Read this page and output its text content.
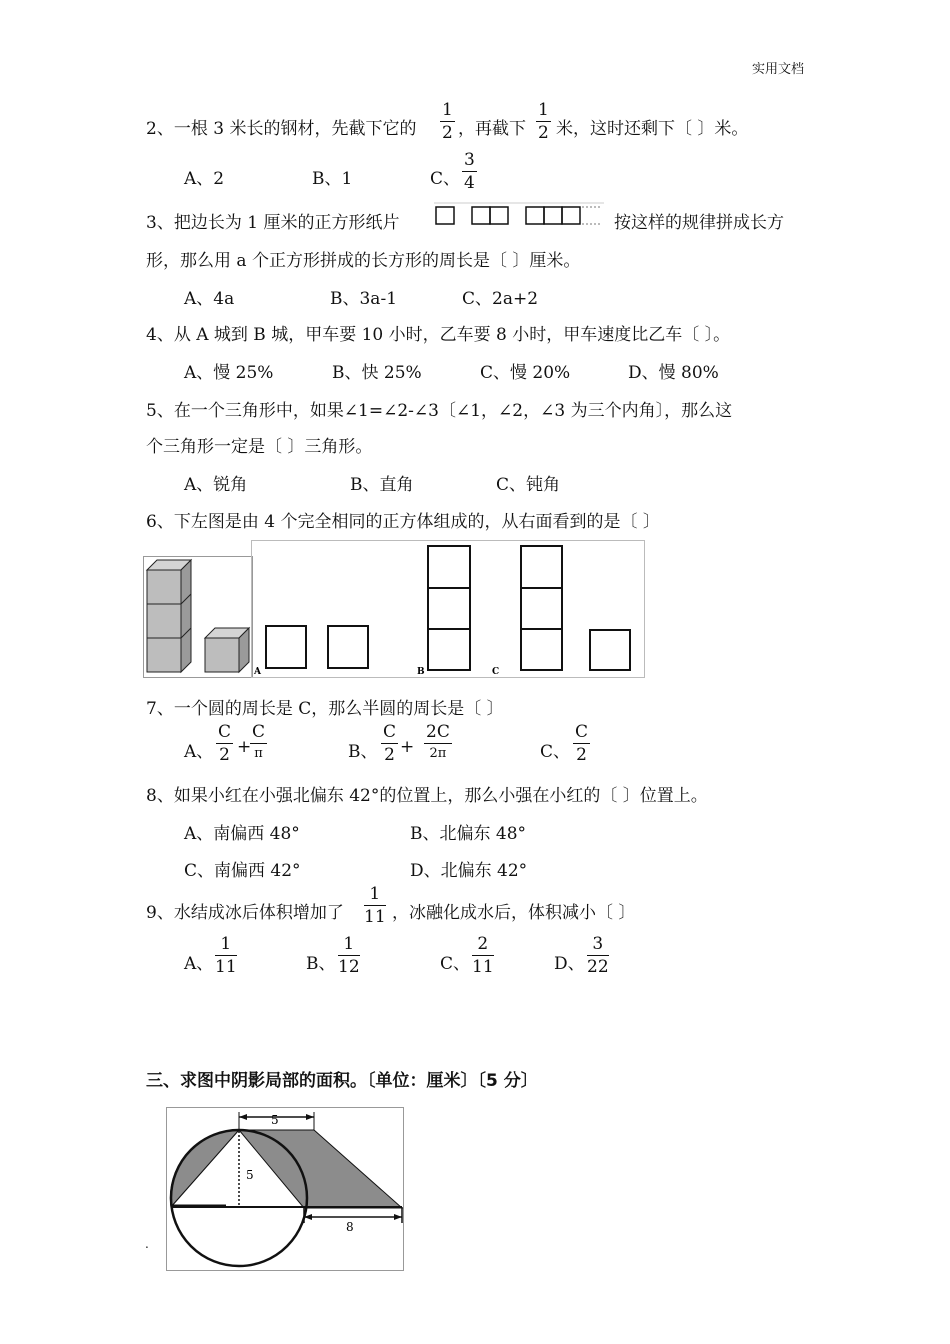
实用文档
2、一根 3 米长的钢材，先截下它的 $\frac{1}{2}$ ，再截下 $\frac{1}{2}$ 米，这时还剩下〔 〕米。
A、2	B、1	C、 $\frac{3}{4}$
3、把边长为 1 厘米的正方形纸片	按这样的规律拼成长方
形，那么用 a 个正方形拼成的长方形的周长是〔 〕厘米。
A、4a	B、3a-1	C、2a+2
4、从 A 城到 B 城，甲车要 10 小时，乙车要 8 小时，甲车速度比乙车〔 〕。
A、慢 25%	B、快 25%	C、慢 20%	D、慢 80%
5、在一个三角形中，如果∠1=∠2-∠3〔∠1，∠2，∠3 为三个内角〕，那么这
个三角形一定是〔 〕三角形。
A、锐角	B、直角	C、钝角
6、下左图是由 4 个完全相同的正方体组成的，从右面看到的是〔 〕
A	B	C
7、一个圆的周长是 C，那么半圆的周长是〔 〕
A、 $\frac{C}{2}$ +
C
π	B、 $\frac{C}{2}$ +
2C
2π	C、 $\frac{C}{2}$
8、如果小红在小强北偏东 42°的位置上，那么小强在小红的〔 〕位置上。
A、南偏西 48°	B、北偏东 48°
C、南偏西 42°	D、北偏东 42°
9、水结成冰后体积增加了 $\frac{1}{11}$ ，冰融化成水后，体积减小〔 〕
A、 $\frac{1}{11}$	B、 $\frac{1}{12}$	C、 $\frac{2}{11}$	D、 $\frac{3}{22}$
三、求图中阴影局部的面积。〔单位：厘米〕〔5 分〕
5
5
8
.
